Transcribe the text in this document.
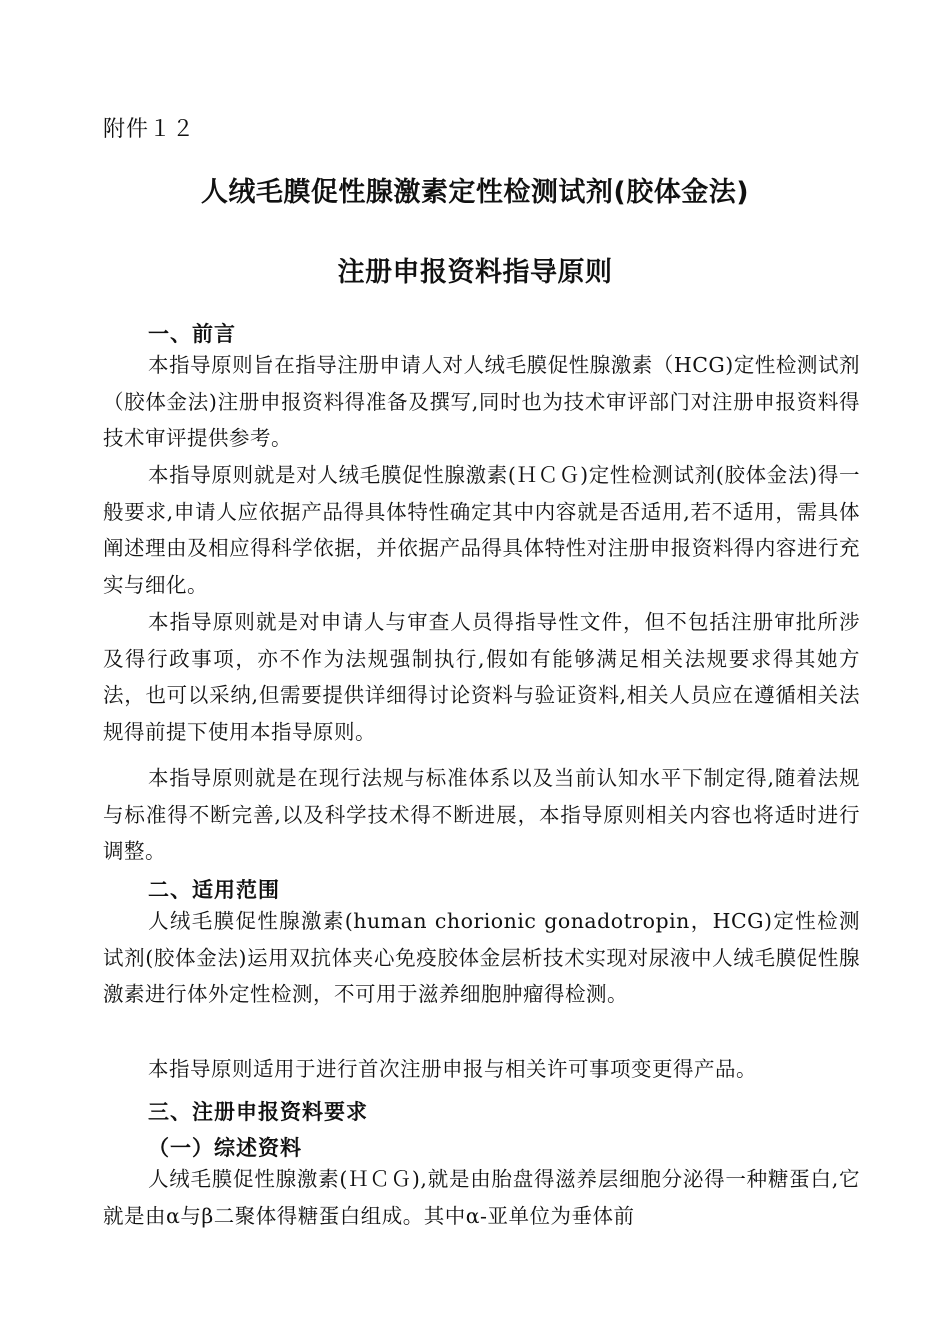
附件１２
人绒毛膜促性腺激素定性检测试剂(胶体金法)
注册申报资料指导原则
一、前言
本指导原则旨在指导注册申请人对人绒毛膜促性腺激素（HCG)定性检测试剂（胶体金法)注册申报资料得准备及撰写,同时也为技术审评部门对注册申报资料得技术审评提供参考。
本指导原则就是对人绒毛膜促性腺激素(ＨＣＧ)定性检测试剂(胶体金法)得一般要求,申请人应依据产品得具体特性确定其中内容就是否适用,若不适用，需具体阐述理由及相应得科学依据，并依据产品得具体特性对注册申报资料得内容进行充实与细化。
本指导原则就是对申请人与审查人员得指导性文件，但不包括注册审批所涉及得行政事项，亦不作为法规强制执行,假如有能够满足相关法规要求得其她方法，也可以采纳,但需要提供详细得讨论资料与验证资料,相关人员应在遵循相关法规得前提下使用本指导原则。
本指导原则就是在现行法规与标准体系以及当前认知水平下制定得,随着法规与标准得不断完善,以及科学技术得不断进展，本指导原则相关内容也将适时进行调整。
二、适用范围
人绒毛膜促性腺激素(human chorionic gonadotropin，HCG)定性检测试剂(胶体金法)运用双抗体夹心免疫胶体金层析技术实现对尿液中人绒毛膜促性腺激素进行体外定性检测，不可用于滋养细胞肿瘤得检测。
本指导原则适用于进行首次注册申报与相关许可事项变更得产品。
三、注册申报资料要求
（一）综述资料
人绒毛膜促性腺激素(ＨＣＧ),就是由胎盘得滋养层细胞分泌得一种糖蛋白,它就是由α与β二聚体得糖蛋白组成。其中α-亚单位为垂体前
